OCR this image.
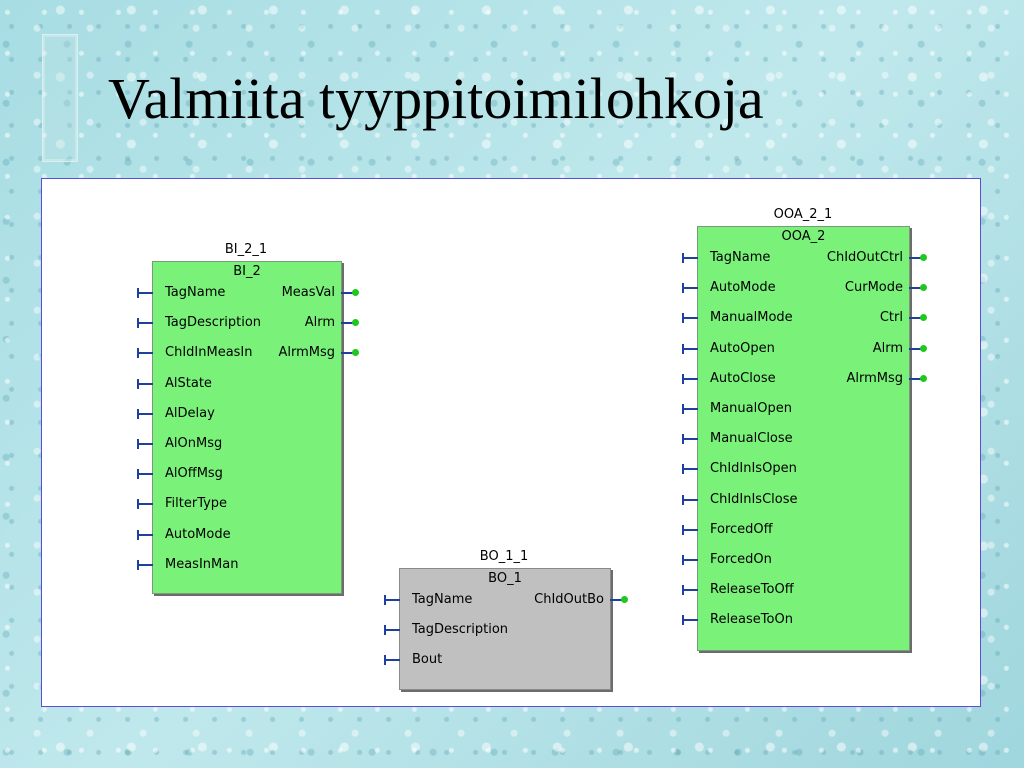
Valmiita tyyppitoimilohkoja
BI_2_1
BI_2
TagName
TagDescription
ChIdInMeasIn
AlState
AlDelay
AlOnMsg
AlOffMsg
FilterType
AutoMode
MeasInMan
MeasVal
Alrm
AlrmMsg
BO_1_1
BO_1
TagName
TagDescription
Bout
ChIdOutBo
OOA_2_1
OOA_2
TagName
AutoMode
ManualMode
AutoOpen
AutoClose
ManualOpen
ManualClose
ChIdInIsOpen
ChIdInIsClose
ForcedOff
ForcedOn
ReleaseToOff
ReleaseToOn
ChIdOutCtrl
CurMode
Ctrl
Alrm
AlrmMsg
